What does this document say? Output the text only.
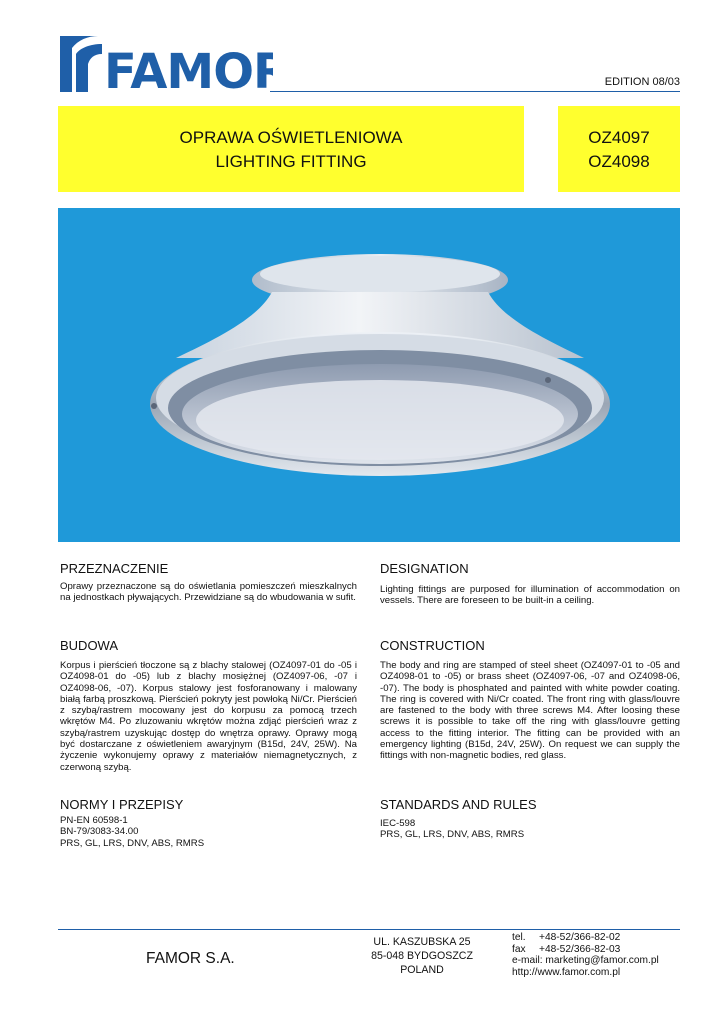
FAMOR	EDITION 08/03
OPRAWA OŚWIETLENIOWA
LIGHTING FITTING
OZ4097
OZ4098
PRZEZNACZENIE
Oprawy przeznaczone są do oświetlania pomieszczeń mieszkalnych na jednostkach pływających. Przewidziane są do wbudowania w sufit.
BUDOWA
Korpus i pierścień tłoczone są z blachy stalowej (OZ4097-01 do -05 i OZ4098-01 do -05) lub z blachy mosiężnej (OZ4097-06, -07 i OZ4098-06, -07). Korpus stalowy jest fosforanowany i malowany białą farbą proszkową. Pierścień pokryty jest powłoką Ni/Cr. Pierścień z szybą/rastrem mocowany jest do korpusu za pomocą trzech wkrętów M4. Po zluzowaniu wkrętów można zdjąć pierścień wraz z szybą/rastrem uzyskując dostęp do wnętrza oprawy. Oprawy mogą być dostarczane z oświetleniem awaryjnym (B15d, 24V, 25W). Na życzenie wykonujemy oprawy z materiałów niemagnetycznych, z czerwoną szybą.
NORMY I PRZEPISY
PN-EN 60598-1
BN-79/3083-34.00
PRS, GL, LRS, DNV, ABS, RMRS
DESIGNATION
Lighting fittings are purposed for illumination of accommodation on vessels. There are foreseen to be built-in a ceiling.
CONSTRUCTION
The body and ring are stamped of steel sheet (OZ4097-01 to -05 and OZ4098-01 to -05) or brass sheet (OZ4097-06, -07 and OZ4098-06, -07). The body is phosphated and painted with white powder coating. The ring is covered with Ni/Cr coated. The front ring with glass/louvre are fastened to the body with three screws M4. After loosing these screws it is possible to take off the ring with glass/louvre getting access to the fitting interior. The fitting can be provided with an emergency lighting (B15d, 24V, 25W). On request we can supply the fittings with non-magnetic bodies, red glass.
STANDARDS AND RULES
IEC-598
PRS, GL, LRS, DNV, ABS, RMRS
FAMOR S.A.
UL. KASZUBSKA 25
85-048 BYDGOSZCZ
POLAND
tel. +48-52/366-82-02
fax +48-52/366-82-03
e-mail: marketing@famor.com.pl
http://www.famor.com.pl
